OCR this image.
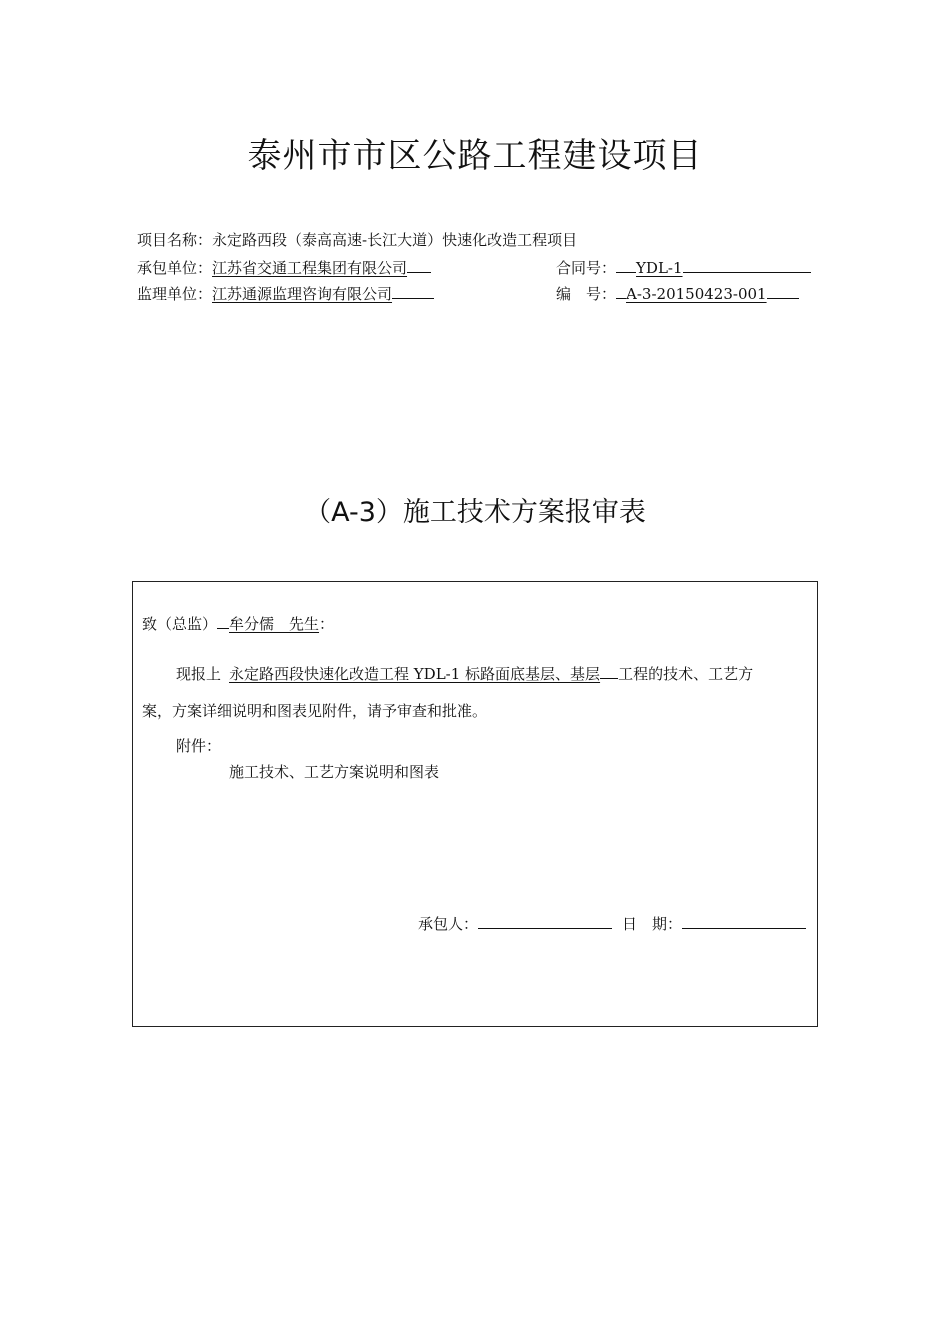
泰州市市区公路工程建设项目
项目名称：永定路西段（泰高高速-长江大道）快速化改造工程项目
承包单位：江苏省交通工程集团有限公司	合同号： YDL-1
监理单位：江苏通源监理咨询有限公司	编　号： A-3-20150423-001
（A-3）施工技术方案报审表
致（总监） 牟分儒　先生：
现报上 永定路西段快速化改造工程 YDL-1 标路面底基层、基层 工程的技术、工艺方
案，方案详细说明和图表见附件，请予审查和批准。
附件：
施工技术、工艺方案说明和图表
承包人：	日　期：
